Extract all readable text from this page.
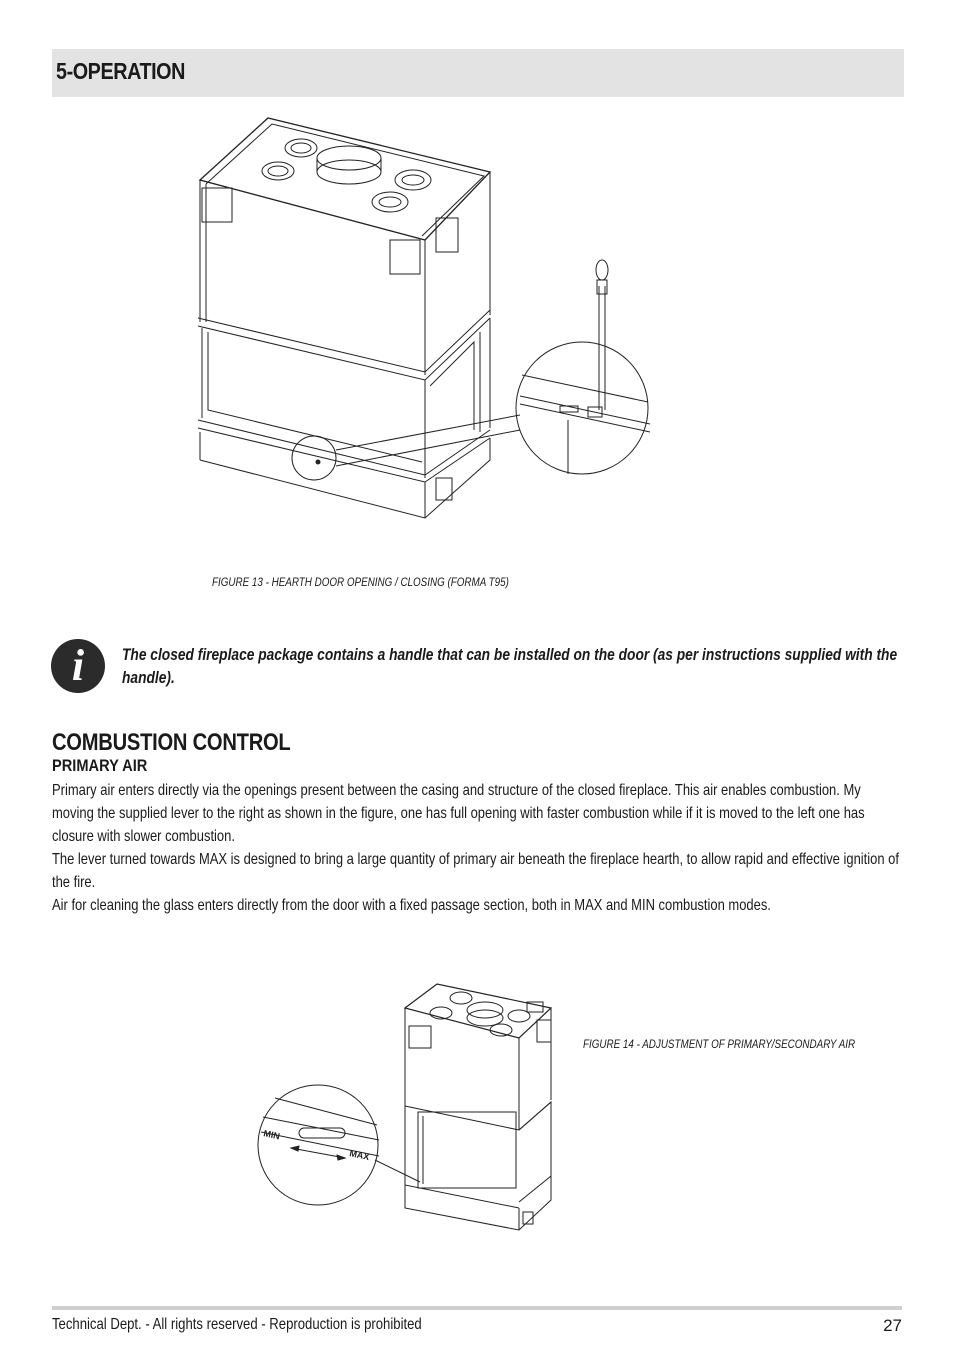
5-OPERATION
FIGURE 13 - HEARTH DOOR OPENING / CLOSING (FORMA T95)
i	The closed fireplace package contains a handle that can be installed on the door (as per instructions supplied with the handle).
COMBUSTION CONTROL
PRIMARY AIR

Primary air enters directly via the openings present between the casing and structure of the closed fireplace. This air enables combustion. My moving the supplied lever to the right as shown in the figure, one has full opening with faster combustion while if it is moved to the left one has closure with slower combustion.

The lever turned towards MAX is designed to bring a large quantity of primary air beneath the fireplace hearth, to allow rapid and effective ignition of the fire.

Air for cleaning the glass enters directly from the door with a fixed passage section, both in MAX and MIN combustion modes.

MIN
MAX
FIGURE 14 - ADJUSTMENT OF PRIMARY/SECONDARY AIR
Technical Dept. - All rights reserved - Reproduction is prohibited	27
